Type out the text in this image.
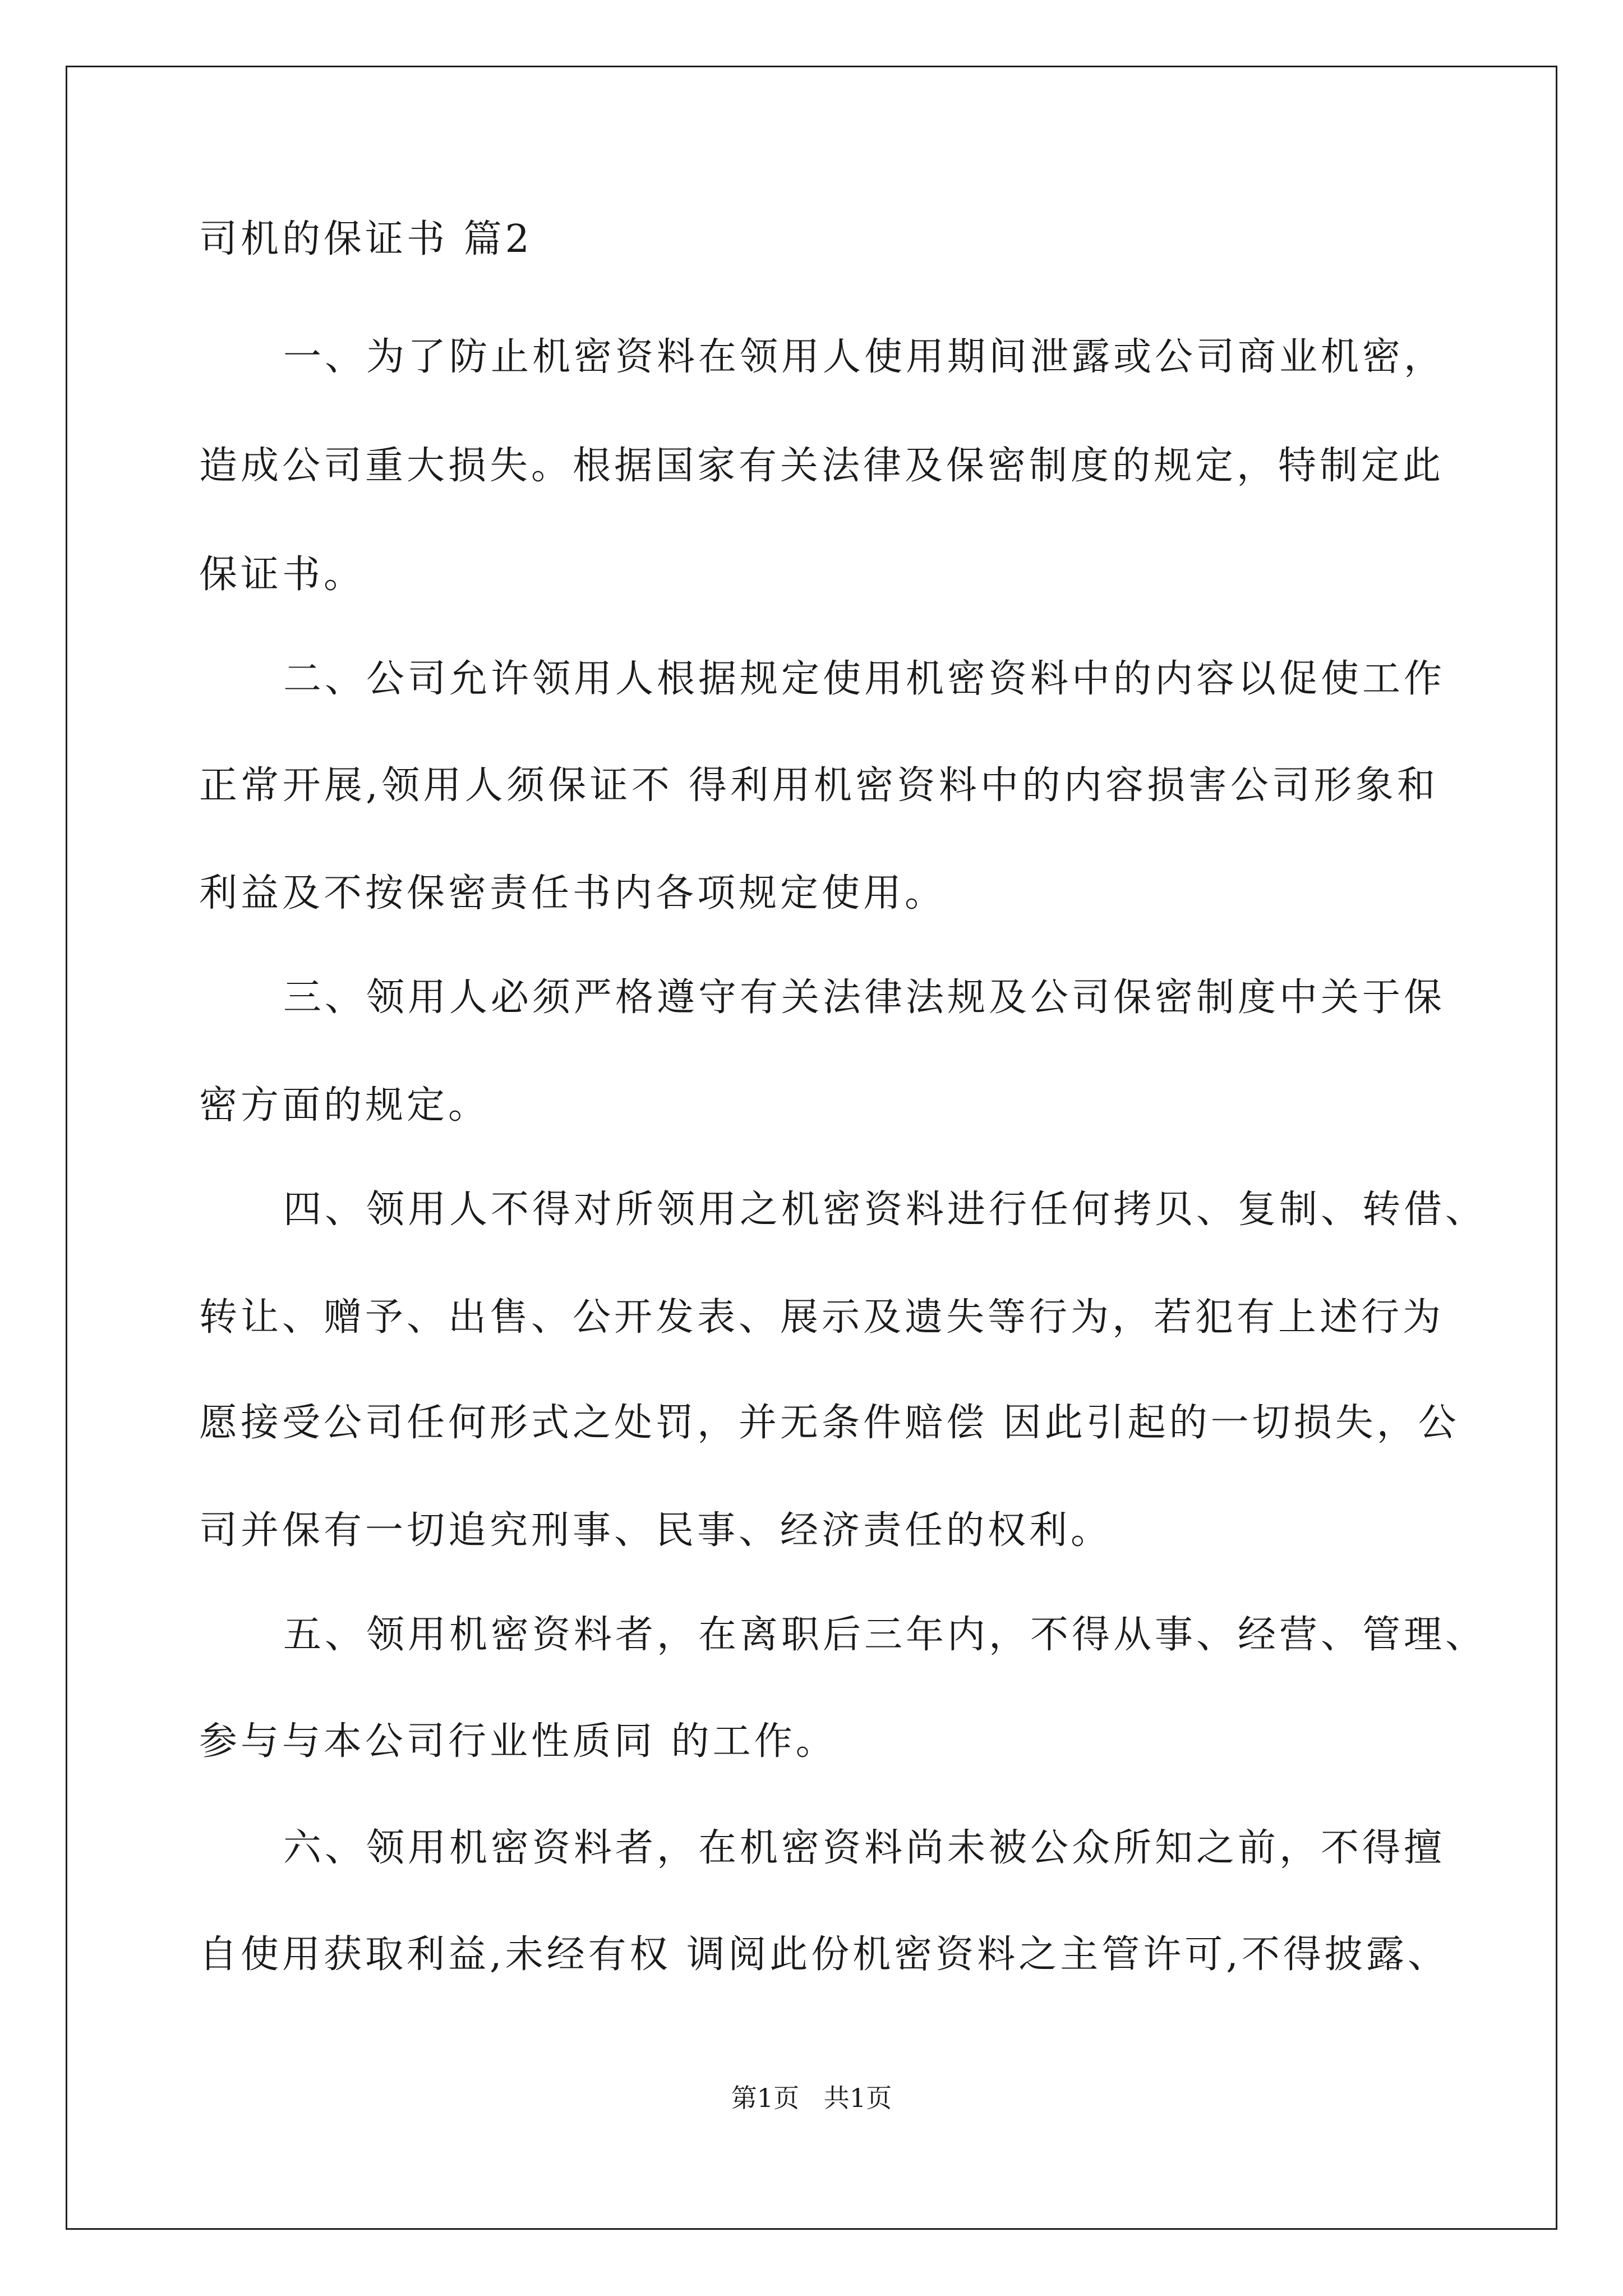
司机的保证书 篇2
一、为了防止机密资料在领用人使用期间泄露或公司商业机密，
造成公司重大损失。根据国家有关法律及保密制度的规定，特制定此
保证书。
二、公司允许领用人根据规定使用机密资料中的内容以促使工作
正常开展,领用人须保证不 得利用机密资料中的内容损害公司形象和
利益及不按保密责任书内各项规定使用。
三、领用人必须严格遵守有关法律法规及公司保密制度中关于保
密方面的规定。
四、领用人不得对所领用之机密资料进行任何拷贝、复制、转借、
转让、赠予、出售、公开发表、展示及遗失等行为，若犯有上述行为
愿接受公司任何形式之处罚，并无条件赔偿 因此引起的一切损失，公
司并保有一切追究刑事、民事、经济责任的权利。
五、领用机密资料者，在离职后三年内，不得从事、经营、管理、
参与与本公司行业性质同 的工作。
六、领用机密资料者，在机密资料尚未被公众所知之前，不得擅
自使用获取利益,未经有权 调阅此份机密资料之主管许可,不得披露、
第1页   共1页
